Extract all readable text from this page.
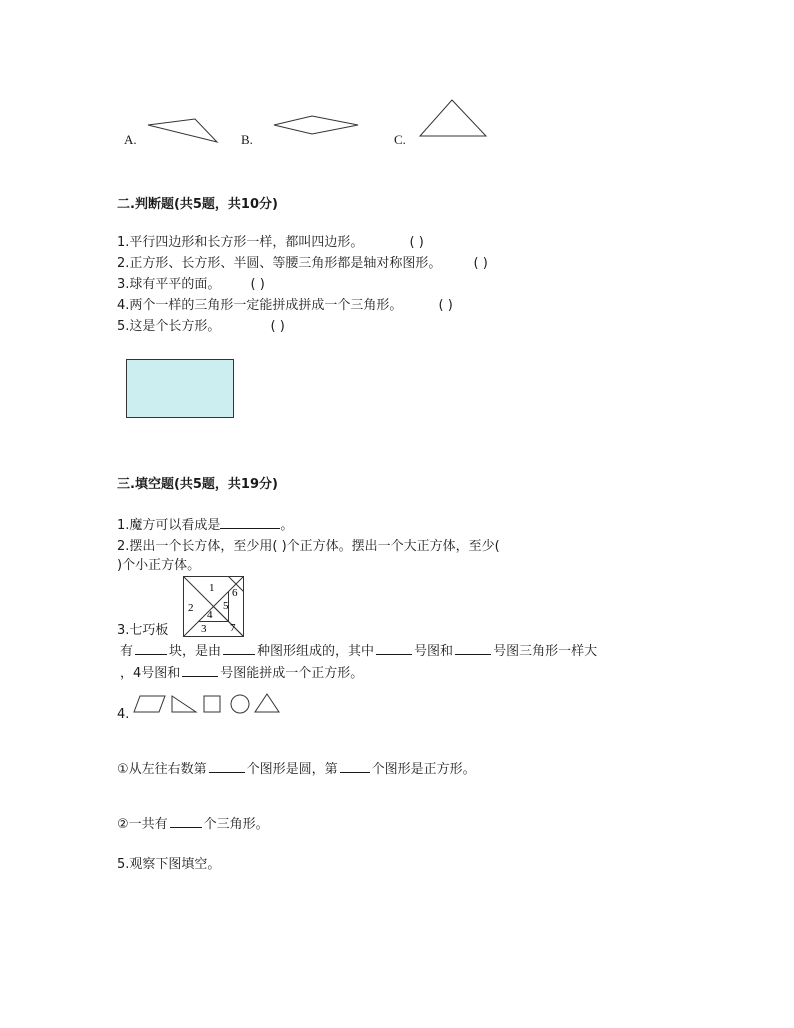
A.	B.	C.
二.判断题(共5题，共10分)
1.平行四边形和长方形一样，都叫四边形。	( )
2.正方形、长方形、半圆、等腰三角形都是轴对称图形。 ( )
3.球有平平的面。 ( )
4.两个一样的三角形一定能拼成拼成一个三角形。	( )
5.这是个长方形。	( )
三.填空题(共5题，共19分)
1.魔方可以看成是	。
2.摆出一个长方体，至少用( )个正方体。摆出一个大正方体，至少(
)个小正方体。
1
2
3
4
5
6
7
3.七巧板
有	块，是由	种图形组成的，其中	号图和	号图三角形一样大
，4号图和	号图能拼成一个正方形。
4.
①从左往右数第	个图形是圆，第	个图形是正方形。
②一共有	个三角形。
5.观察下图填空。
